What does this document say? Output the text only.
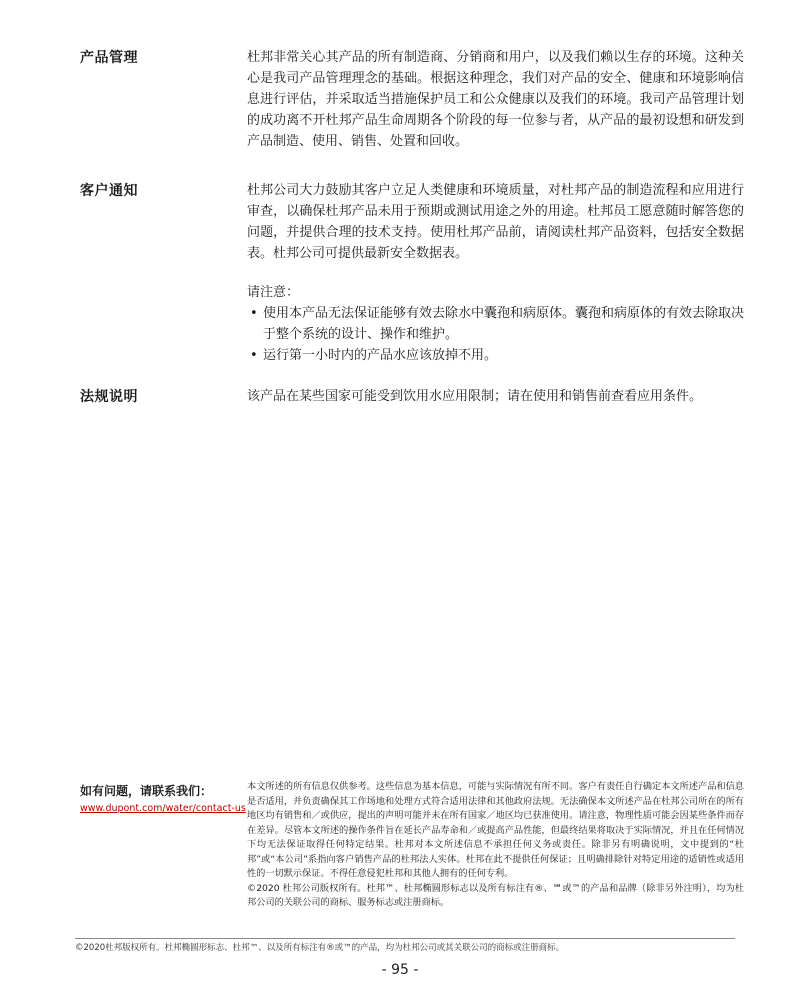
产品管理	杜邦非常关心其产品的所有制造商、分销商和用户，以及我们赖以生存的环境。这种关心是我司产品管理理念的基础。根据这种理念，我们对产品的安全、健康和环境影响信息进行评估，并采取适当措施保护员工和公众健康以及我们的环境。我司产品管理计划的成功离不开杜邦产品生命周期各个阶段的每一位参与者，从产品的最初设想和研发到产品制造、使用、销售、处置和回收。

客户通知	杜邦公司大力鼓励其客户立足人类健康和环境质量，对杜邦产品的制造流程和应用进行审查，以确保杜邦产品未用于预期或测试用途之外的用途。杜邦员工愿意随时解答您的问题，并提供合理的技术支持。使用杜邦产品前，请阅读杜邦产品资料，包括安全数据表。杜邦公司可提供最新安全数据表。

请注意：

• 使用本产品无法保证能够有效去除水中囊孢和病原体。囊孢和病原体的有效去除取决于整个系统的设计、操作和维护。
• 运行第一小时内的产品水应该放掉不用。
法规说明	该产品在某些国家可能受到饮用水应用限制；请在使用和销售前查看应用条件。

如有问题，请联系我们：

www.dupont.com/water/contact-us

本文所述的所有信息仅供参考。这些信息为基本信息，可能与实际情况有所不同。客户有责任自行确定本文所述产品和信息是否适用，并负责确保其工作场地和处理方式符合适用法律和其他政府法规。无法确保本文所述产品在杜邦公司所在的所有地区均有销售和／或供应，提出的声明可能并未在所有国家／地区均已获准使用。请注意，物理性质可能会因某些条件而存在差异。尽管本文所述的操作条件旨在延长产品寿命和／或提高产品性能，但最终结果将取决于实际情况，并且在任何情况下均无法保证取得任何特定结果。杜邦对本文所述信息不承担任何义务或责任。除非另有明确说明，文中提到的“杜邦”或“本公司”系指向客户销售产品的杜邦法人实体。杜邦在此不提供任何保证；且明确排除针对特定用途的适销性或适用性的一切默示保证。不得任意侵犯杜邦和其他人拥有的任何专利。

©2020 杜邦公司版权所有。杜邦™、杜邦椭圆形标志以及所有标注有®、℠或™的产品和品牌（除非另外注明），均为杜邦公司的关联公司的商标、服务标志或注册商标。

©2020杜邦版权所有。杜邦椭圆形标志、杜邦™、以及所有标注有®或™的产品，均为杜邦公司或其关联公司的商标或注册商标。
- 95 -
